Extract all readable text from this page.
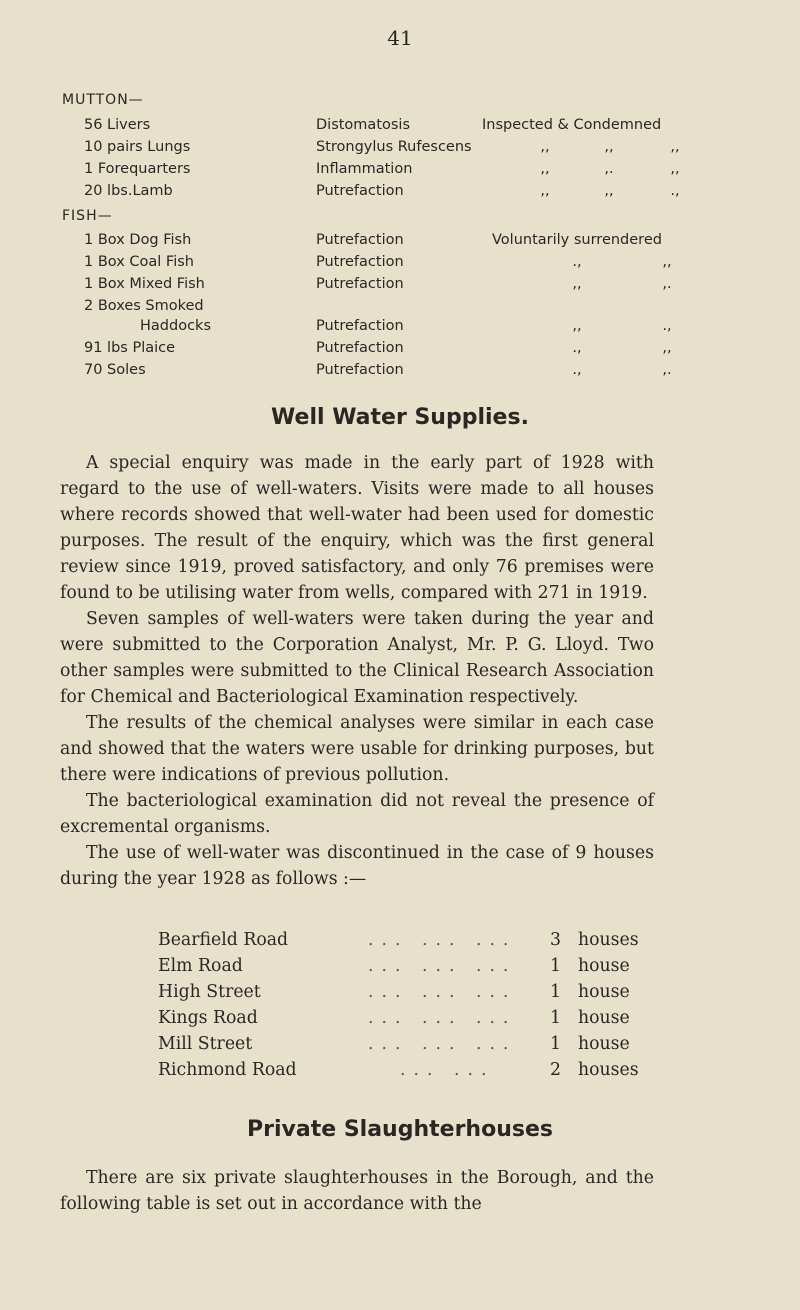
41
MUTTON—
56 Livers	Distomatosis	Inspected & Condemned
10 pairs Lungs	Strongylus Rufescens	,,	,,	,,
1 Forequarters	Inflammation	,,	,.	,,
20 lbs.Lamb	Putrefaction	,,	,,	.,
FISH—
1 Box Dog Fish	Putrefaction	Voluntarily surrendered
1 Box Coal Fish	Putrefaction	.,	,,
1 Box Mixed Fish	Putrefaction	,,	,.
2 Boxes Smoked
Haddocks	Putrefaction	,,	.,
91 lbs Plaice	Putrefaction	.,	,,
70 Soles	Putrefaction	.,	,.
Well Water Supplies.

A special enquiry was made in the early part of 1928 with regard to the use of well-waters. Visits were made to all houses where records showed that well-water had been used for domestic purposes. The result of the enquiry, which was the first general review since 1919, proved satisfactory, and only 76 premises were found to be utilising water from wells, compared with 271 in 1919.

Seven samples of well-waters were taken during the year and were submitted to the Corporation Analyst, Mr. P. G. Lloyd. Two other samples were submitted to the Clinical Research Association for Chemical and Bacteriological Examination respectively.

The results of the chemical analyses were similar in each case and showed that the waters were usable for drinking purposes, but there were indications of previous pollution.

The bacteriological examination did not reveal the presence of excremental organisms.

The use of well-water was discontinued in the case of 9 houses during the year 1928 as follows :—

Bearfield Road	... ... ... 3 houses
Elm Road	... ... ... 1 house
High Street	... ... ... 1 house
Kings Road	... ... ... 1 house
Mill Street	... ... ... 1 house
Richmond Road	... ...	2 houses
Private Slaughterhouses

There are six private slaughterhouses in the Borough, and the following table is set out in accordance with the
